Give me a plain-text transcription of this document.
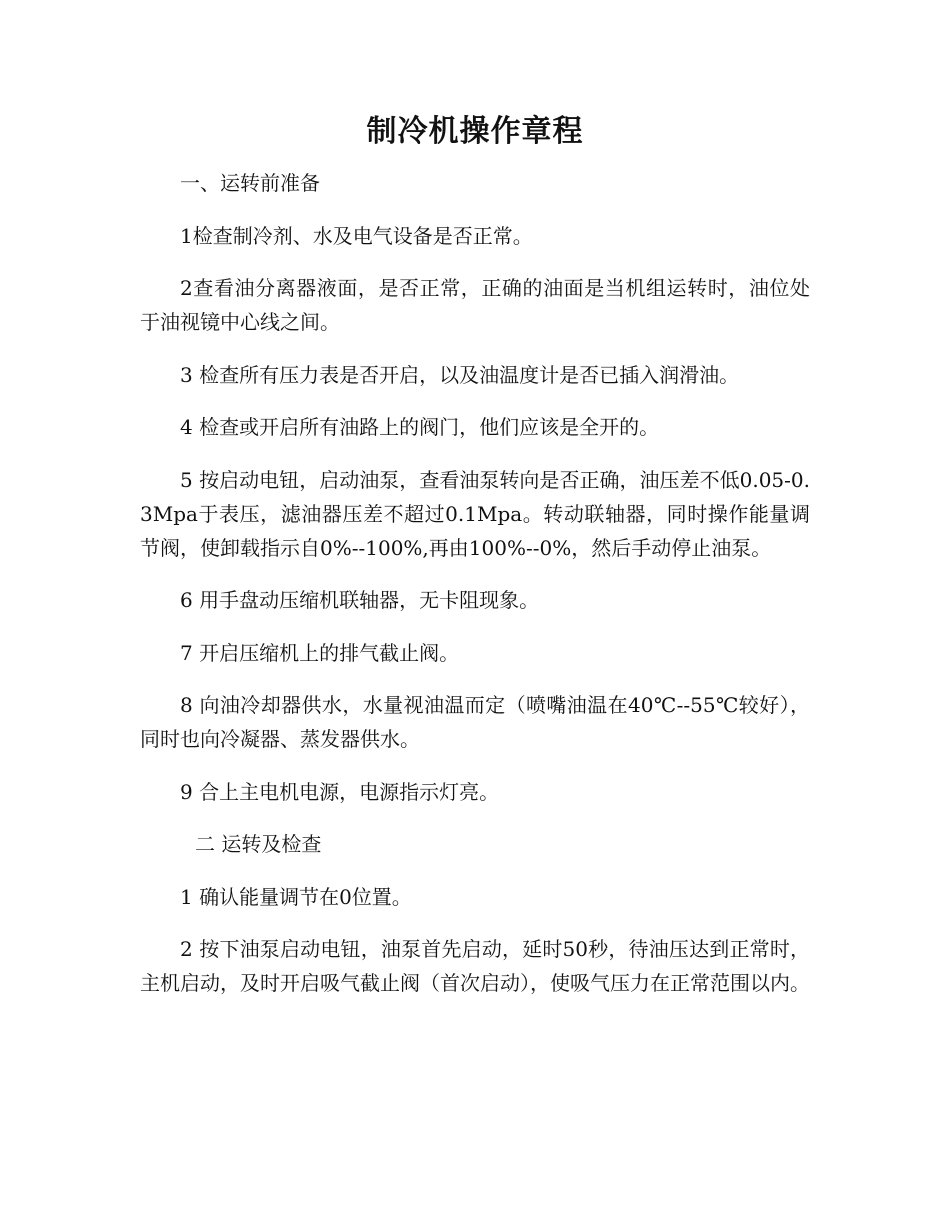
制冷机操作章程

一、运转前准备

1检查制冷剂、水及电气设备是否正常。

2查看油分离器液面，是否正常，正确的油面是当机组运转时，油位处于油视镜中心线之间。

3 检查所有压力表是否开启，以及油温度计是否已插入润滑油。

4 检查或开启所有油路上的阀门，他们应该是全开的。

5 按启动电钮，启动油泵，查看油泵转向是否正确，油压差不低0.05-0.3Mpa于表压，滤油器压差不超过0.1Mpa。转动联轴器，同时操作能量调节阀，使卸载指示自0%--100%,再由100%--0%，然后手动停止油泵。

6 用手盘动压缩机联轴器，无卡阻现象。

7 开启压缩机上的排气截止阀。

8 向油冷却器供水，水量视油温而定（喷嘴油温在40℃--55℃较好），同时也向冷凝器、蒸发器供水。

9 合上主电机电源，电源指示灯亮。

二 运转及检查

1 确认能量调节在0位置。

2 按下油泵启动电钮，油泵首先启动，延时50秒，待油压达到正常时，主机启动，及时开启吸气截止阀（首次启动），使吸气压力在正常范围以内。
